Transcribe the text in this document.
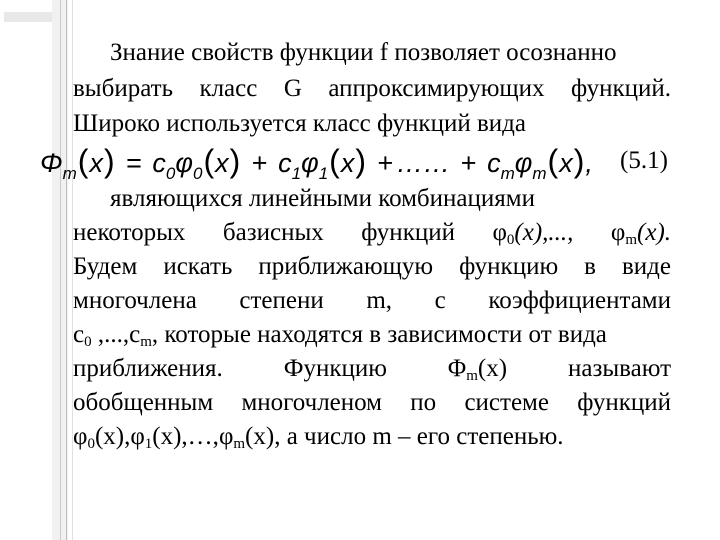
Знание свойств функции f позволяет осознанно
выбирать класс G аппроксимирующих функций.
Широко используется класс функций вида
$\Phi_m(x) = c_0\varphi_0(x) + c_1\varphi_1(x)$ + …… + $c_m\varphi_m(x)$, (5.1)
являющихся линейными комбинациями
некоторых базисных функций $\varphi_0(x)$,..., $\varphi_m(x)$.
Будем искать приближающую функцию в виде
многочлена степени m, с коэффициентами
$c_0$ $,...,c_m$, которые находятся в зависимости от вида
приближения. Функцию $\Phi_m(x)$ называют
обобщенным многочленом по системе функций
$\varphi_0(x),\varphi_1(x),\dots,\varphi_m(x)$, а число m – его степенью.
